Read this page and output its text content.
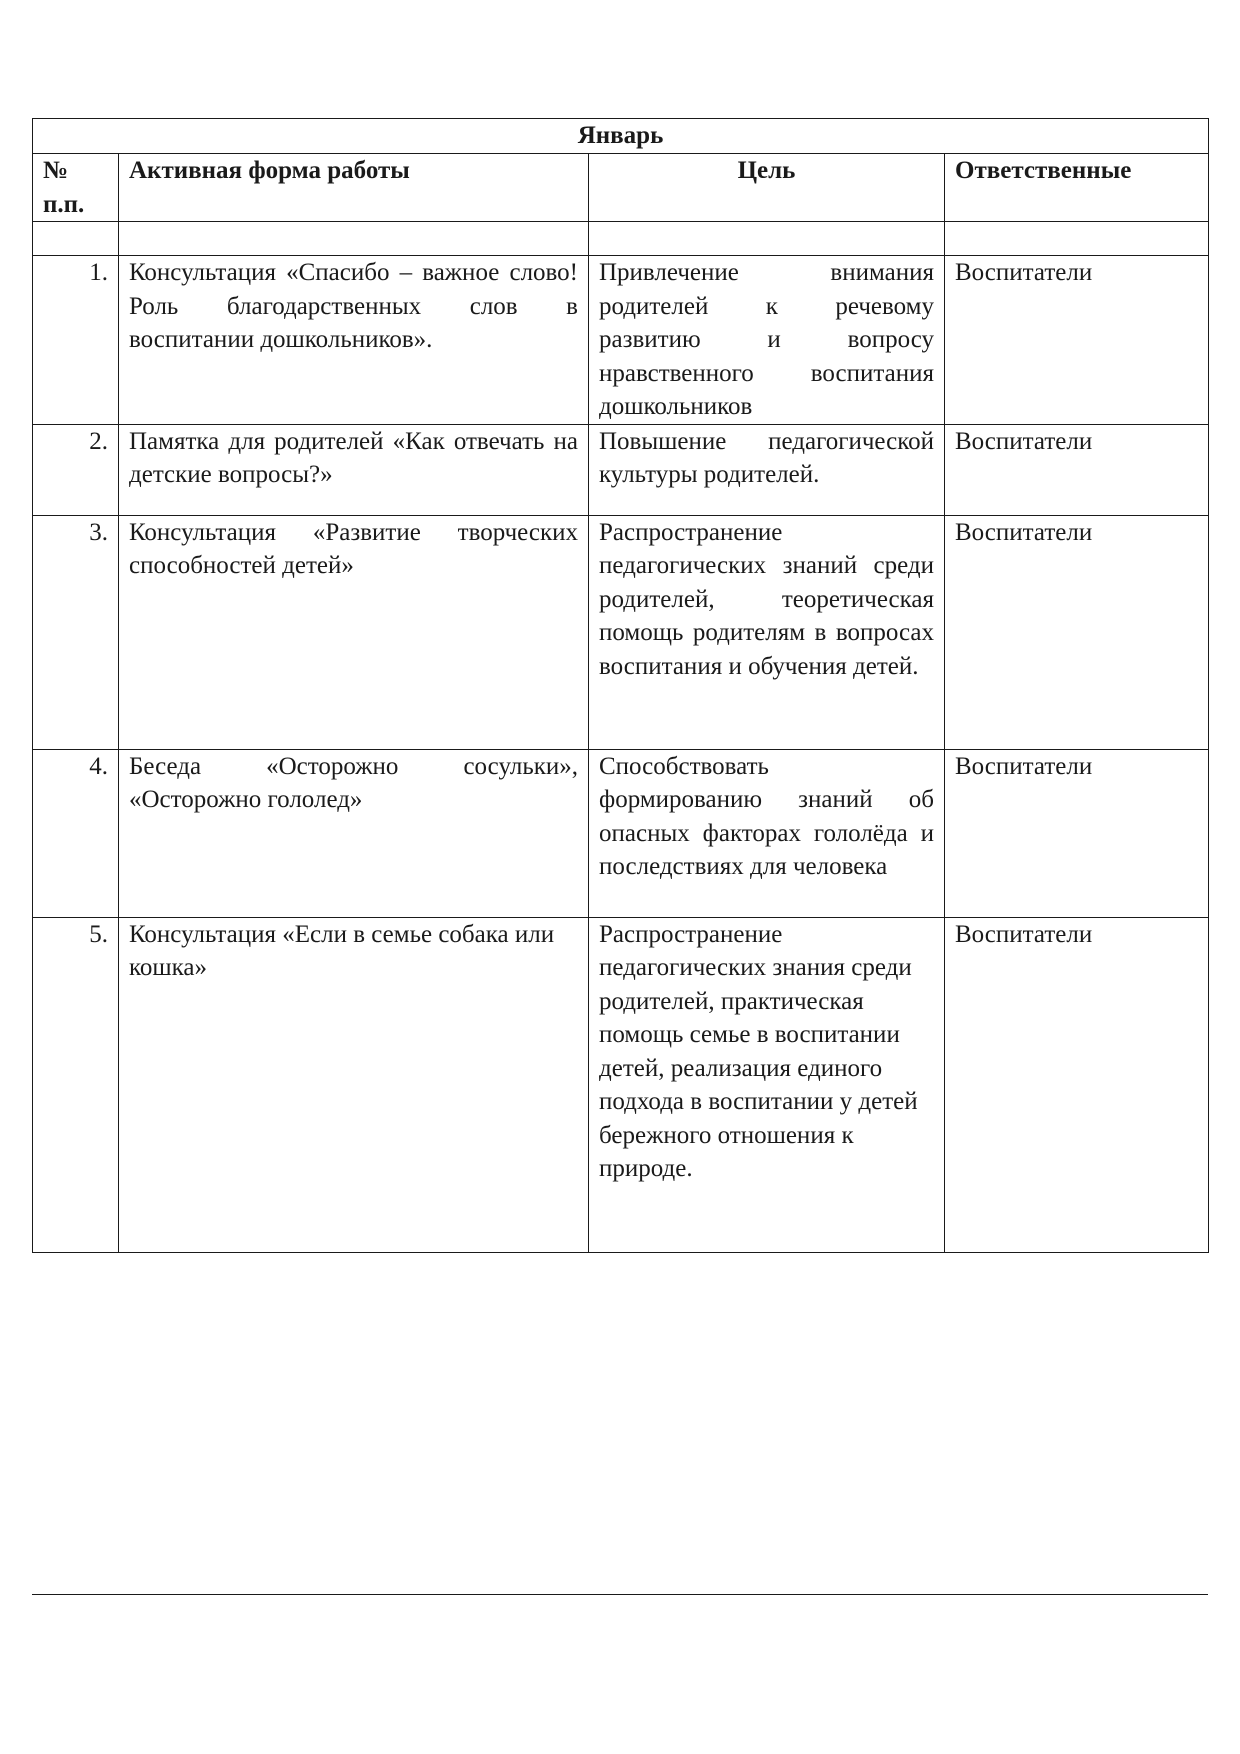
Январь			
№ п.п.	Активная форма работы	Цель	Ответственные

1.	Консультация «Спасибо – важное слово! Роль благодарственных слов в воспитании дошкольников».	Привлечение внимания родителей к речевому развитию и вопросу нравственного воспитания дошкольников	Воспитатели
2.	Памятка для родителей «Как отвечать на детские вопросы?»	Повышение педагогической культуры родителей.	Воспитатели
3.	Консультация «Развитие творческих способностей детей»	Распространение педагогических знаний среди родителей, теоретическая помощь родителям в вопросах воспитания и обучения детей.	Воспитатели
4.	Беседа «Осторожно сосульки», «Осторожно гололед»	Способствовать формированию знаний об опасных факторах гололёда и последствиях для человека	Воспитатели
5.	Консультация «Если в семье собака или кошка»	Распространение педагогических знания среди родителей, практическая помощь семье в воспитании детей, реализация единого подхода в воспитании у детей бережного отношения к природе.	Воспитатели
